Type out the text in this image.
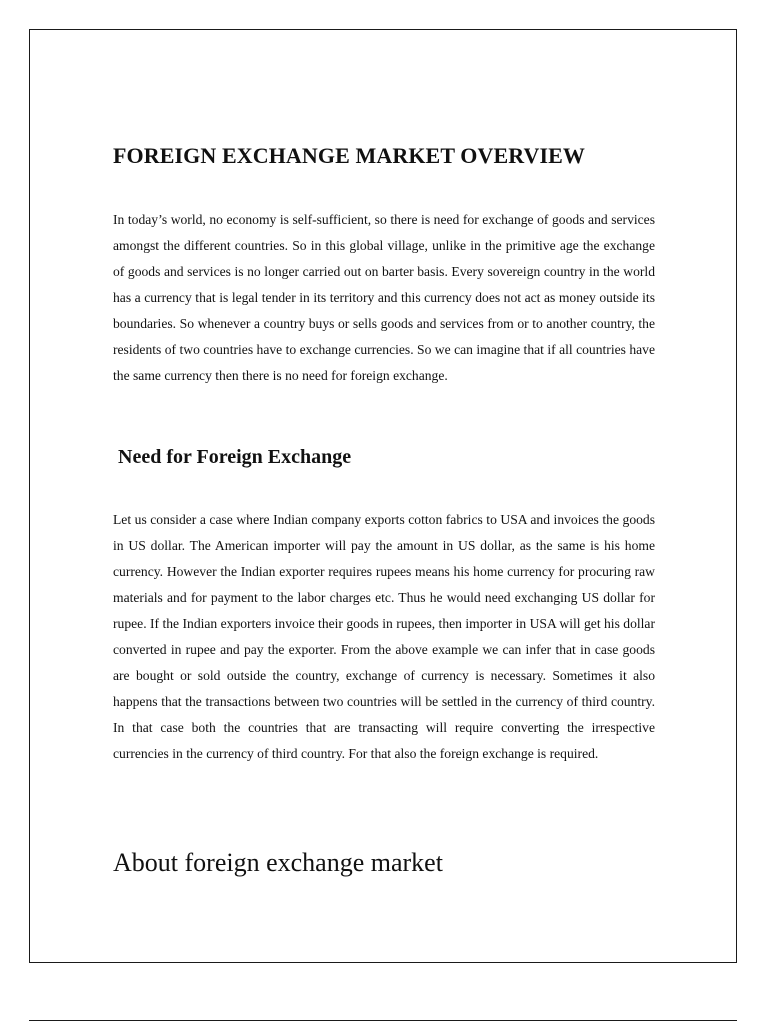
FOREIGN EXCHANGE MARKET OVERVIEW

In today’s world, no economy is self-sufficient, so there is need for exchange of goods and services amongst the different countries. So in this global village, unlike in the primitive age the exchange of goods and services is no longer carried out on barter basis. Every sovereign country in the world has a currency that is legal tender in its territory and this currency does not act as money outside its boundaries. So whenever a country buys or sells goods and services from or to another country, the residents of two countries have to exchange currencies. So we can imagine that if all countries have the same currency then there is no need for foreign exchange.

Need for Foreign Exchange

Let us consider a case where Indian company exports cotton fabrics to USA and invoices the goods in US dollar. The American importer will pay the amount in US dollar, as the same is his home currency. However the Indian exporter requires rupees means his home currency for procuring raw materials and for payment to the labor charges etc. Thus he would need exchanging US dollar for rupee. If the Indian exporters invoice their goods in rupees, then importer in USA will get his dollar converted in rupee and pay the exporter. From the above example we can infer that in case goods are bought or sold outside the country, exchange of currency is necessary. Sometimes it also happens that the transactions between two countries will be settled in the currency of third country. In that case both the countries that are transacting will require converting the irrespective currencies in the currency of third country. For that also the foreign exchange is required.

About foreign exchange market
